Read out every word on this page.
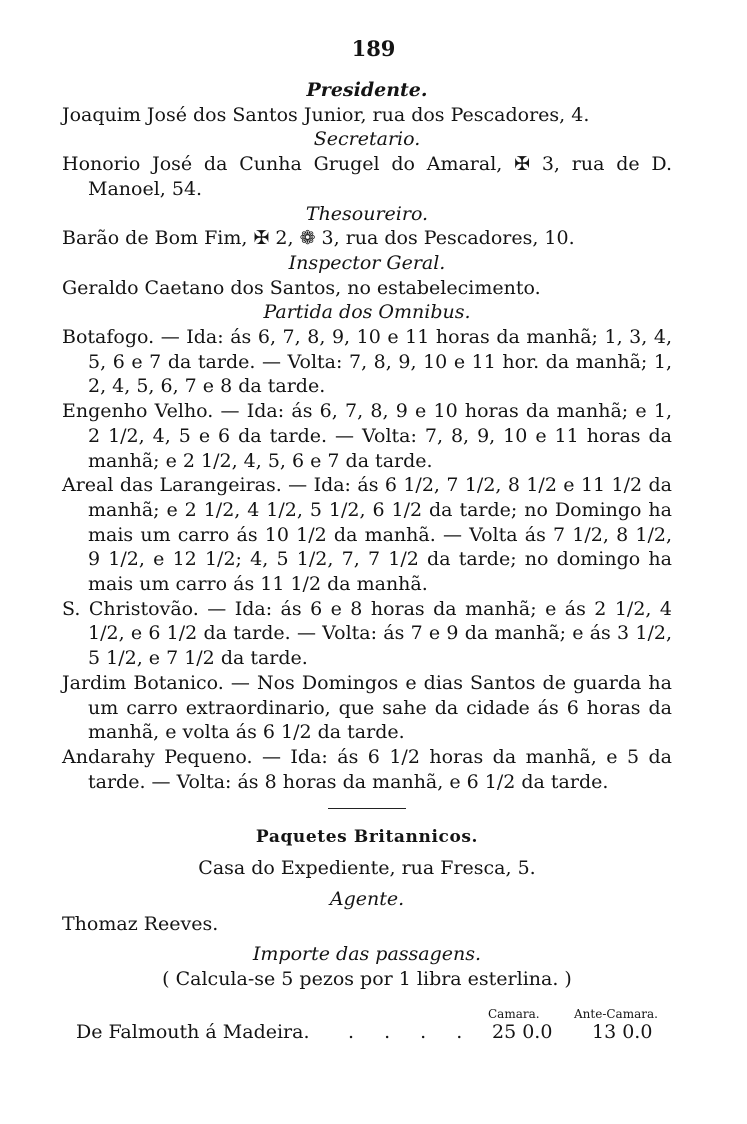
189

Presidente.

Joaquim José dos Santos Junior, rua dos Pescadores, 4.

Secretario.

Honorio José da Cunha Grugel do Amaral, ✠ 3, rua de D. Manoel, 54.

Thesoureiro.

Barão de Bom Fim, ✠ 2, ❁ 3, rua dos Pescadores, 10.

Inspector Geral.

Geraldo Caetano dos Santos, no estabelecimento.

Partida dos Omnibus.

Botafogo. — Ida: ás 6, 7, 8, 9, 10 e 11 horas da manhã; 1, 3, 4, 5, 6 e 7 da tarde. — Volta: 7, 8, 9, 10 e 11 hor. da manhã; 1, 2, 4, 5, 6, 7 e 8 da tarde.

Engenho Velho. — Ida: ás 6, 7, 8, 9 e 10 horas da manhã; e 1, 2 1/2, 4, 5 e 6 da tarde. — Volta: 7, 8, 9, 10 e 11 horas da manhã; e 2 1/2, 4, 5, 6 e 7 da tarde.

Areal das Larangeiras. — Ida: ás 6 1/2, 7 1/2, 8 1/2 e 11 1/2 da manhã; e 2 1/2, 4 1/2, 5 1/2, 6 1/2 da tarde; no Domingo ha mais um carro ás 10 1/2 da manhã. — Volta ás 7 1/2, 8 1/2, 9 1/2, e 12 1/2; 4, 5 1/2, 7, 7 1/2 da tarde; no domingo ha mais um carro ás 11 1/2 da manhã.

S. Christovão. — Ida: ás 6 e 8 horas da manhã; e ás 2 1/2, 4 1/2, e 6 1/2 da tarde. — Volta: ás 7 e 9 da manhã; e ás 3 1/2, 5 1/2, e 7 1/2 da tarde.

Jardim Botanico. — Nos Domingos e dias Santos de guarda ha um carro extraordinario, que sahe da cidade ás 6 horas da manhã, e volta ás 6 1/2 da tarde.

Andarahy Pequeno. — Ida: ás 6 1/2 horas da manhã, e 5 da tarde. — Volta: ás 8 horas da manhã, e 6 1/2 da tarde.

Paquetes Britannicos.

Casa do Expediente, rua Fresca, 5.

Agente.

Thomaz Reeves.

Importe das passagens.

( Calcula-se 5 pezos por 1 libra esterlina. )

Camara.	Ante-Camara.
De Falmouth á Madeira. . . . . 25 0.0 13 0.0
